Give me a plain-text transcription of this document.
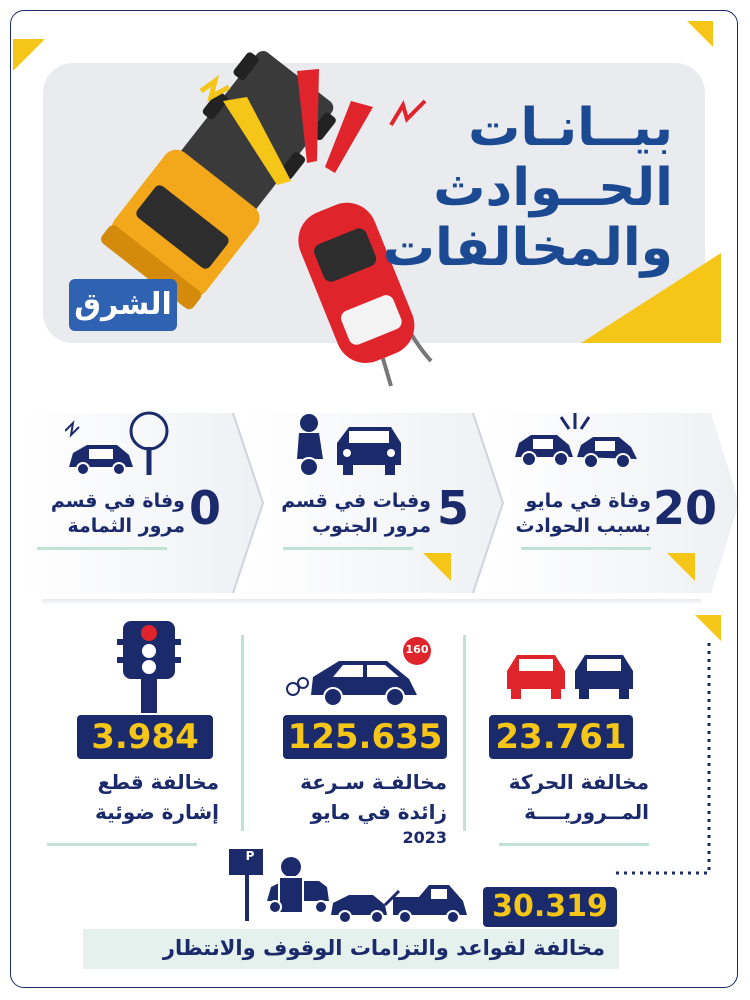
بيــانـات
الحــوادث
والمخالفات
الشرق
20
وفاة في مايو
بسبب الحوادث
5
وفيات في قسم
مرور الجنوب
0
وفاة في قسم
مرور الثمامة
160
23.761
125.635
3.984
مخالفة الحركة
المــروريــــة
مخالفـة سـرعة
زائدة في مايو
2023
مخالفة قطع
إشارة ضوئية
P
30.319
مخالفة لقواعد والتزامات الوقوف والانتظار
